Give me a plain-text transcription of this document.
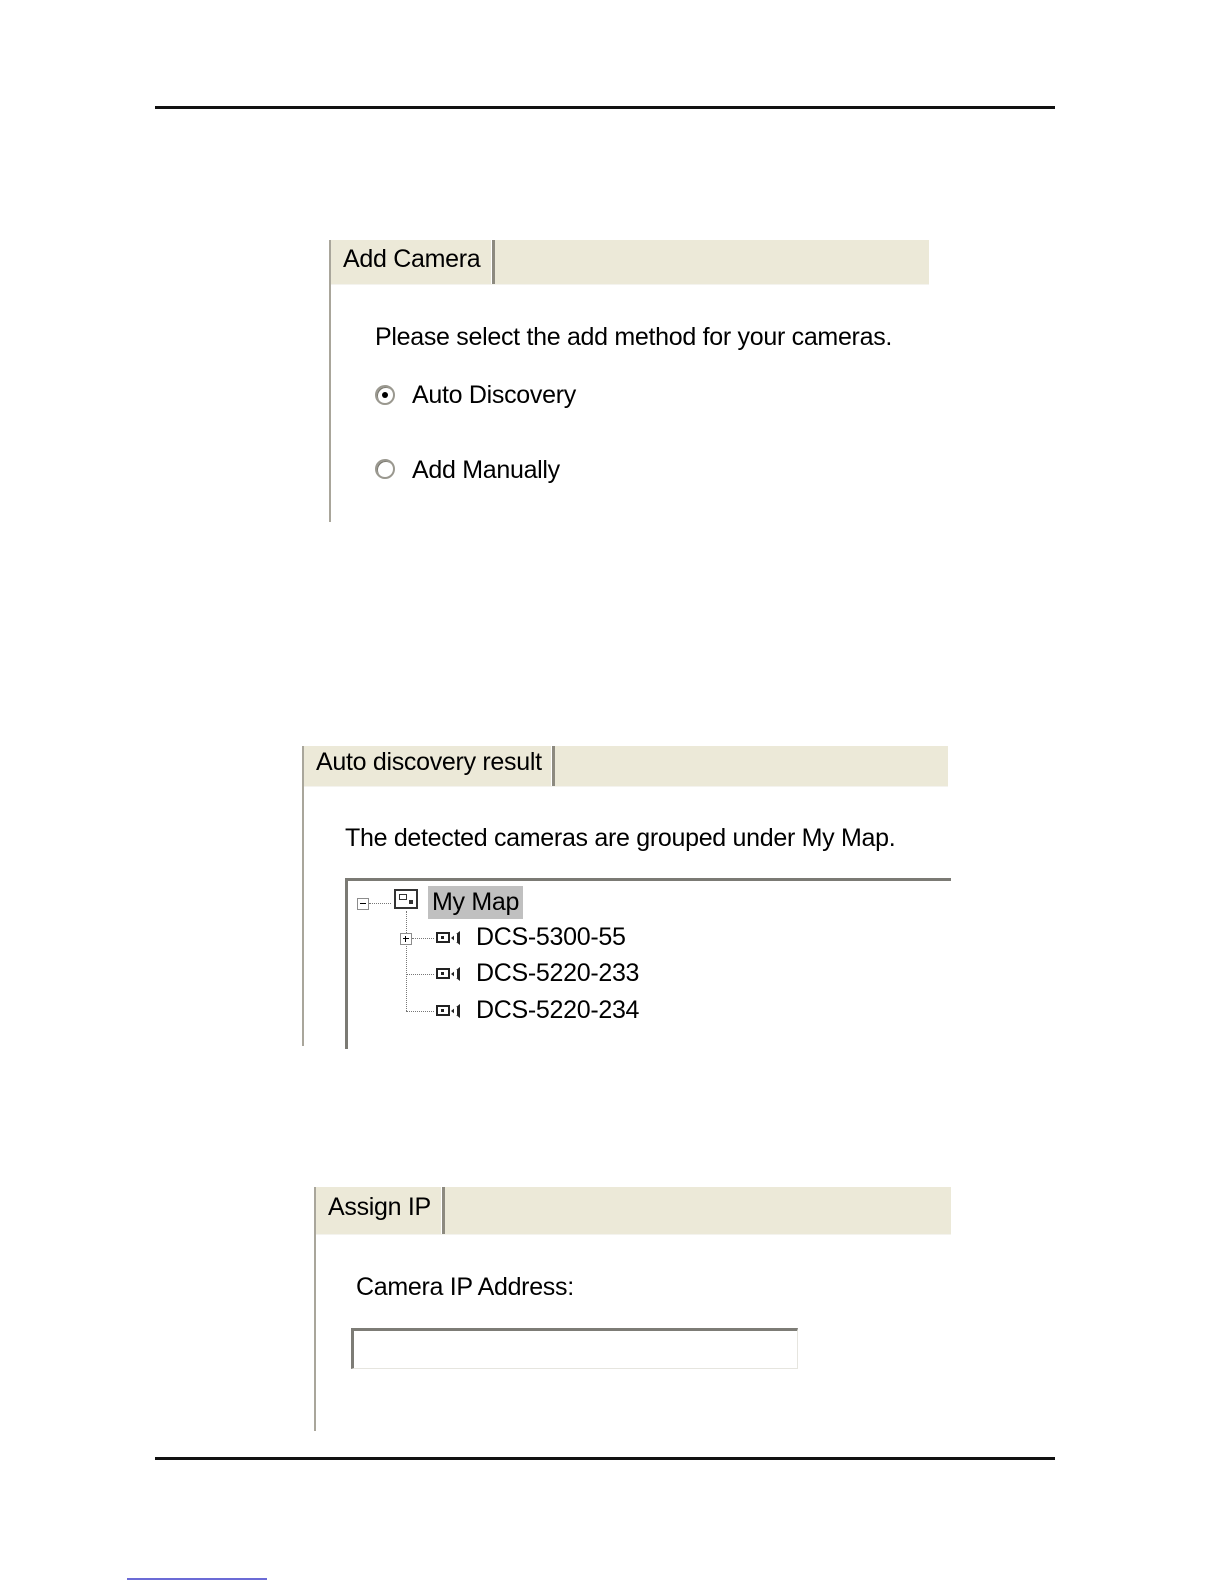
Add Camera
Please select the add method for your cameras.
Auto Discovery
Add Manually
Auto discovery result
The detected cameras are grouped under My Map.
My Map
DCS-5300-55
DCS-5220-233
DCS-5220-234
Assign IP
Camera IP Address:
